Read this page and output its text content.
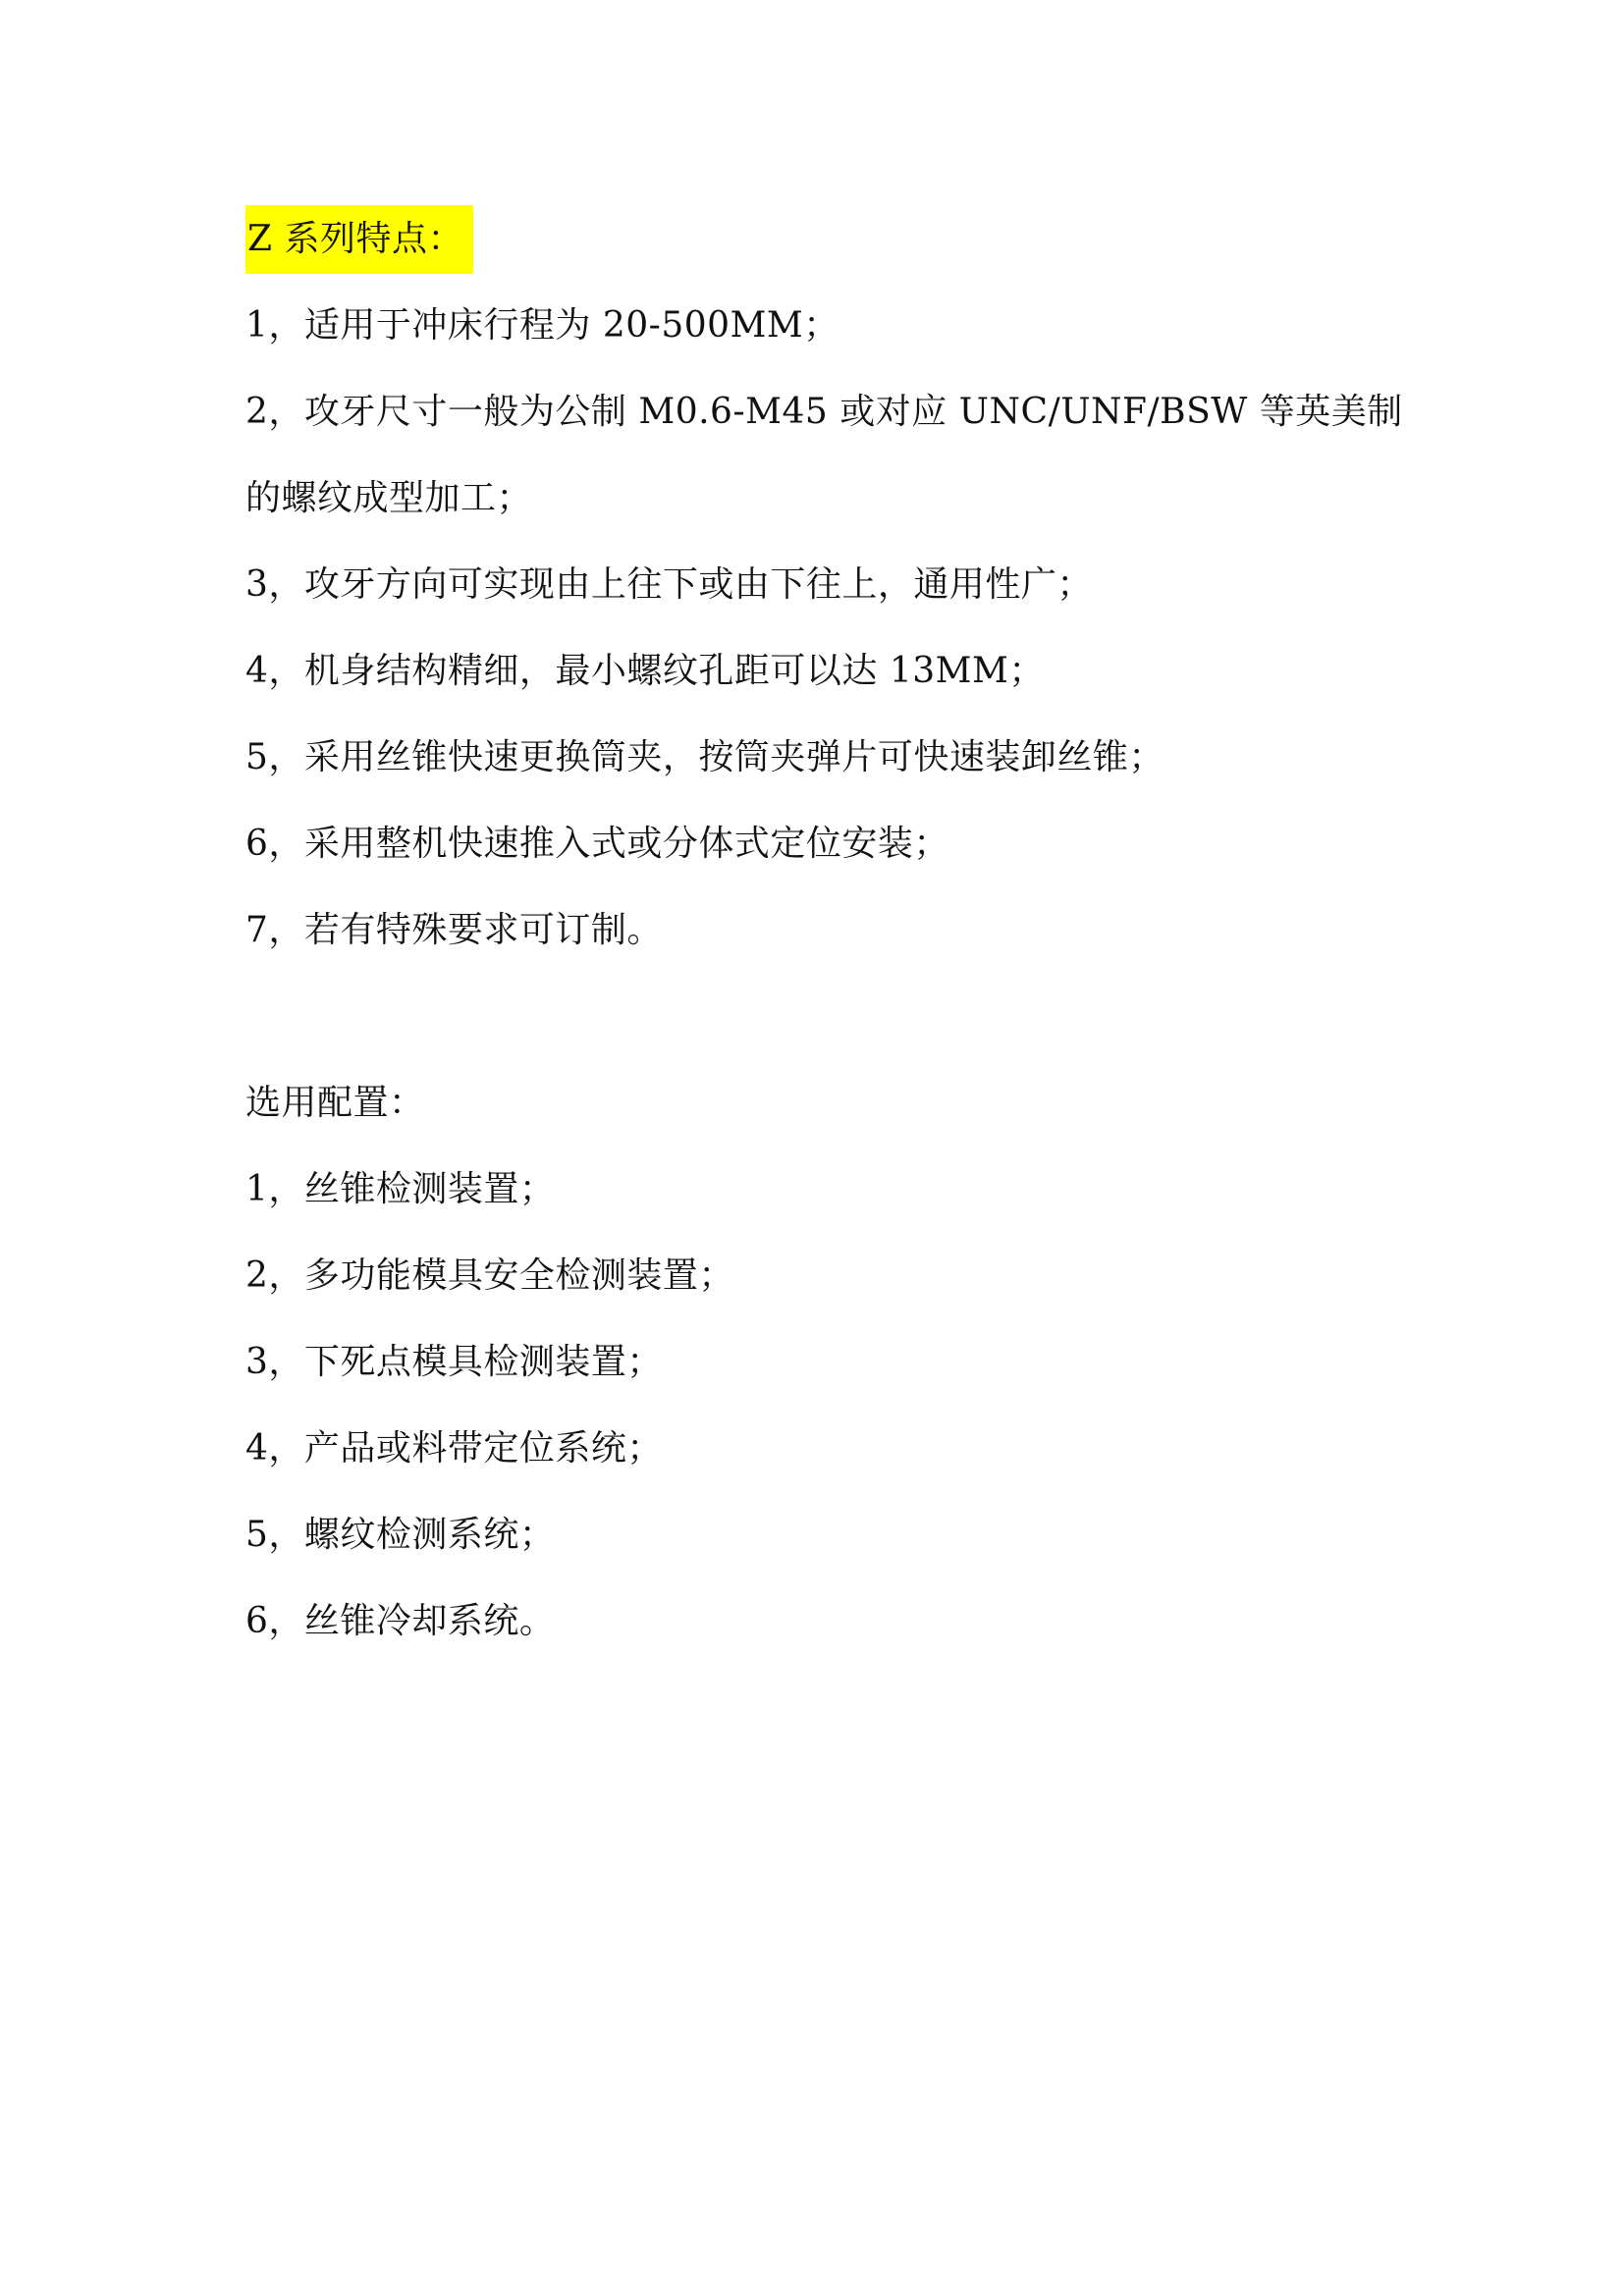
Z 系列特点：
1，适用于冲床行程为 20-500MM；
2，攻牙尺寸一般为公制 M0.6-M45 或对应 UNC/UNF/BSW 等英美制
的螺纹成型加工；
3，攻牙方向可实现由上往下或由下往上，通用性广；
4，机身结构精细，最小螺纹孔距可以达 13MM；
5，采用丝锥快速更换筒夹，按筒夹弹片可快速装卸丝锥；
6，采用整机快速推入式或分体式定位安装；
7，若有特殊要求可订制。
选用配置：
1，丝锥检测装置；
2，多功能模具安全检测装置；
3，下死点模具检测装置；
4，产品或料带定位系统；
5，螺纹检测系统；
6，丝锥冷却系统。
